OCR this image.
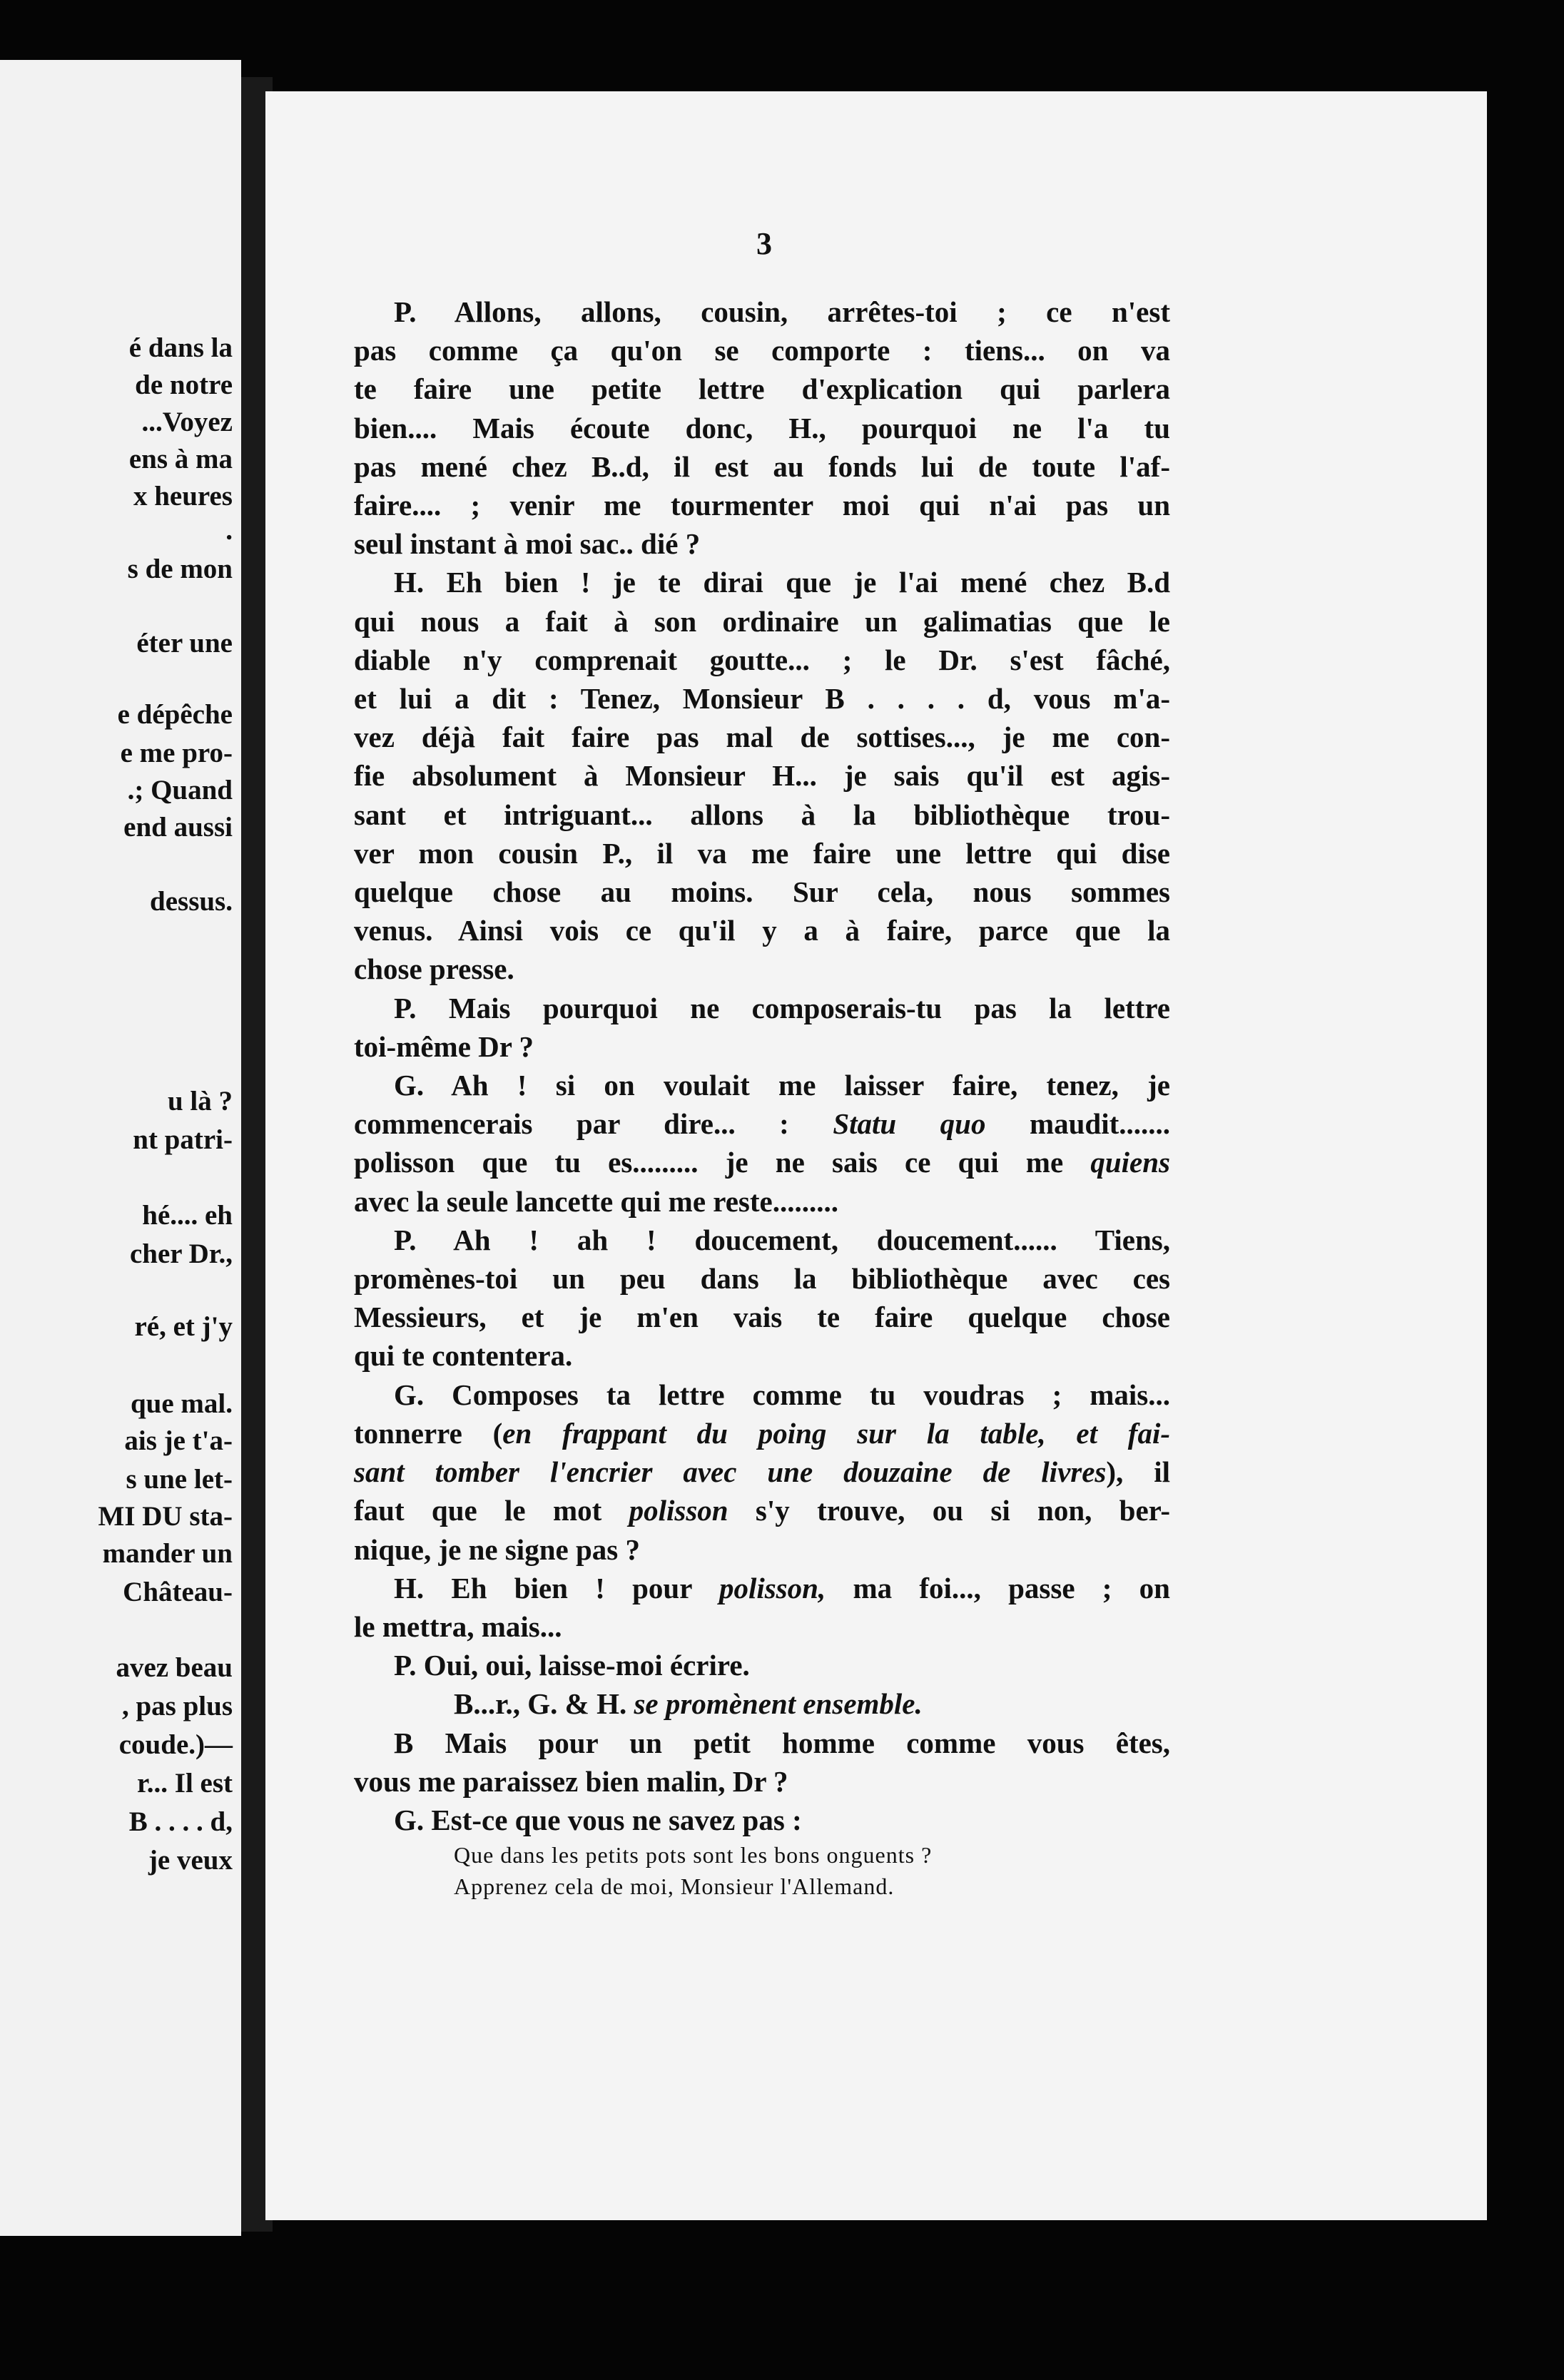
é dans la
de notre
...Voyez
ens à ma
x heures
.
s de mon
éter une
e dépêche
e me pro-
.; Quand
end aussi
dessus.
u là ?
nt patri-
hé.... eh
cher Dr.,
ré, et j'y
que mal.
ais je t'a-
s une let-
MI DU sta-
mander un
Château-
avez beau
, pas plus
coude.)—
r... Il est
B . . . . d,
je veux
3
P. Allons, allons, cousin, arrêtes-toi ; ce n'est
pas comme ça qu'on se comporte : tiens... on va
te faire une petite lettre d'explication qui parlera
bien.... Mais écoute donc, H., pourquoi ne l'a tu
pas mené chez B..d, il est au fonds lui de toute l'af-
faire.... ; venir me tourmenter moi qui n'ai pas un
seul instant à moi sac.. dié ?
H. Eh bien ! je te dirai que je l'ai mené chez B.d
qui nous a fait à son ordinaire un galimatias que le
diable n'y comprenait goutte... ; le Dr. s'est fâché,
et lui a dit : Tenez, Monsieur B . . . . d, vous m'a-
vez déjà fait faire pas mal de sottises..., je me con-
fie absolument à Monsieur H... je sais qu'il est agis-
sant et intriguant... allons à la bibliothèque trou-
ver mon cousin P., il va me faire une lettre qui dise
quelque chose au moins. Sur cela, nous sommes
venus. Ainsi vois ce qu'il y a à faire, parce que la
chose presse.
P. Mais pourquoi ne composerais-tu pas la lettre
toi-même Dr ?
G. Ah ! si on voulait me laisser faire, tenez, je
commencerais par dire... : Statu quo maudit.......
polisson que tu es......... je ne sais ce qui me quiens
avec la seule lancette qui me reste.........
P. Ah ! ah ! doucement, doucement...... Tiens,
promènes-toi un peu dans la bibliothèque avec ces
Messieurs, et je m'en vais te faire quelque chose
qui te contentera.
G. Composes ta lettre comme tu voudras ; mais...
tonnerre (en frappant du poing sur la table, et fai-
sant tomber l'encrier avec une douzaine de livres), il
faut que le mot polisson s'y trouve, ou si non, ber-
nique, je ne signe pas ?
H. Eh bien ! pour polisson, ma foi..., passe ; on
le mettra, mais...
P. Oui, oui, laisse-moi écrire.
B...r., G. & H. se promènent ensemble.
B Mais pour un petit homme comme vous êtes,
vous me paraissez bien malin, Dr ?
G. Est-ce que vous ne savez pas :
Que dans les petits pots sont les bons onguents ?
Apprenez cela de moi, Monsieur l'Allemand.
